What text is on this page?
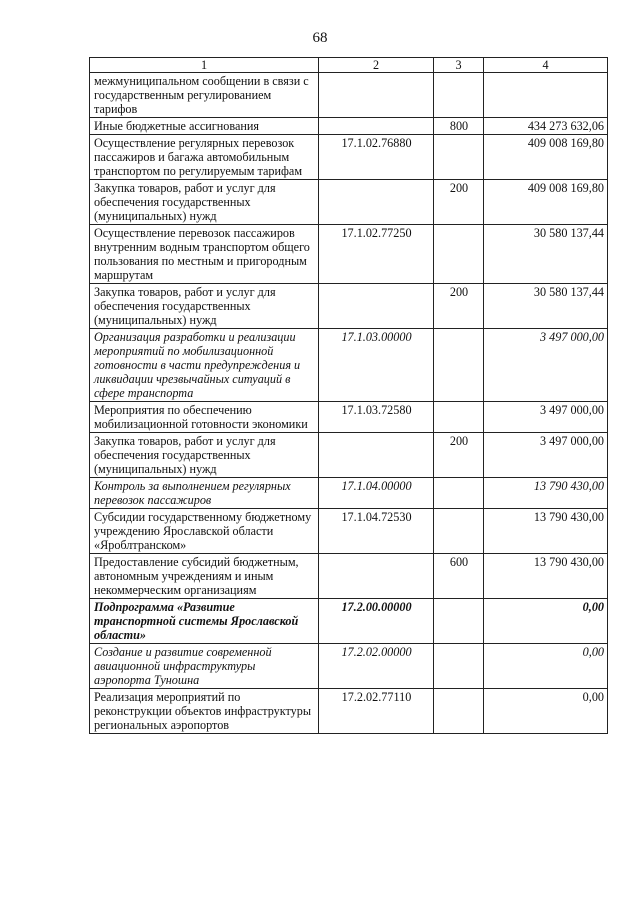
68
1	2	3	4
межмуниципальном сообщении в связи с государственным регулированием тарифов			
Иные бюджетные ассигнования		800	434 273 632,06
Осуществление регулярных перевозок пассажиров и багажа автомобильным транспортом по регулируемым тарифам	17.1.02.76880		409 008 169,80
Закупка товаров, работ и услуг для обеспечения государственных (муниципальных) нужд		200	409 008 169,80
Осуществление перевозок пассажиров внутренним водным транспортом общего пользования по местным и пригородным маршрутам	17.1.02.77250		30 580 137,44
Закупка товаров, работ и услуг для обеспечения государственных (муниципальных) нужд		200	30 580 137,44
Организация разработки и реализации мероприятий по мобилизационной готовности в части предупреждения и ликвидации чрезвычайных ситуаций в сфере транспорта	17.1.03.00000		3 497 000,00
Мероприятия по обеспечению мобилизационной готовности экономики	17.1.03.72580		3 497 000,00
Закупка товаров, работ и услуг для обеспечения государственных (муниципальных) нужд		200	3 497 000,00
Контроль за выполнением регулярных перевозок пассажиров	17.1.04.00000		13 790 430,00
Субсидии государственному бюджетному учреждению Ярославской области «Яроблтранском»	17.1.04.72530		13 790 430,00
Предоставление субсидий бюджетным, автономным учреждениям и иным некоммерческим организациям		600	13 790 430,00
Подпрограмма «Развитие транспортной системы Ярославской области»	17.2.00.00000		0,00
Создание и развитие современной авиационной инфраструктуры аэропорта Туношна	17.2.02.00000		0,00
Реализация мероприятий по реконструкции объектов инфраструктуры региональных аэропортов	17.2.02.77110		0,00
